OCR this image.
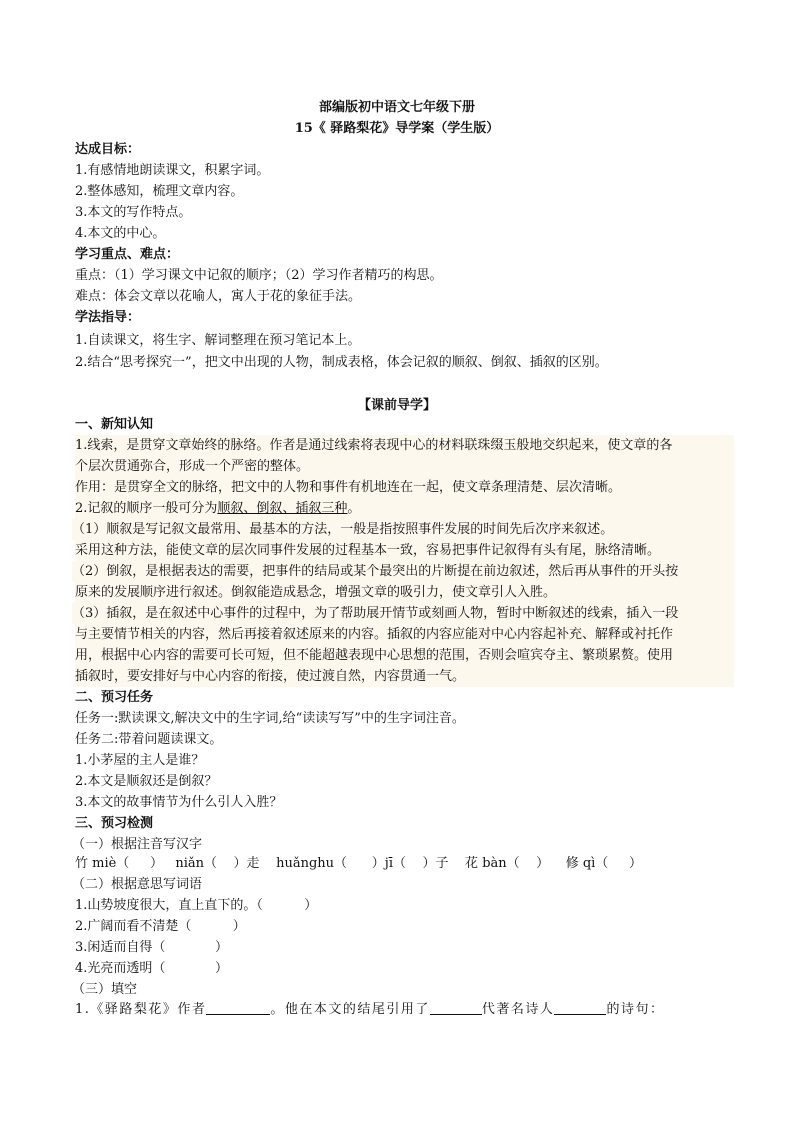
部编版初中语文七年级下册
15《 驿路梨花》导学案（学生版）
达成目标：
1.有感情地朗读课文，积累字词。
2.整体感知，梳理文章内容。
3.本文的写作特点。
4.本文的中心。
学习重点、难点：
重点：（1）学习课文中记叙的顺序；（2）学习作者精巧的构思。
难点：体会文章以花喻人，寓人于花的象征手法。
学法指导：
1.自读课文，将生字、解词整理在预习笔记本上。
2.结合“思考探究一”，把文中出现的人物，制成表格，体会记叙的顺叙、倒叙、插叙的区别。
【课前导学】
一、新知认知
1.线索，是贯穿文章始终的脉络。作者是通过线索将表现中心的材料联珠缀玉般地交织起来，使文章的各
个层次贯通弥合，形成一个严密的整体。
作用：是贯穿全文的脉络，把文中的人物和事件有机地连在一起，使文章条理清楚、层次清晰。
2.记叙的顺序一般可分为顺叙、倒叙、插叙三种。
（1）顺叙是写记叙文最常用、最基本的方法，一般是指按照事件发展的时间先后次序来叙述。
采用这种方法，能使文章的层次同事件发展的过程基本一致，容易把事件记叙得有头有尾，脉络清晰。
（2）倒叙，是根据表达的需要，把事件的结局或某个最突出的片断提在前边叙述，然后再从事件的开头按
原来的发展顺序进行叙述。倒叙能造成悬念，增强文章的吸引力，使文章引人入胜。
（3）插叙，是在叙述中心事件的过程中，为了帮助展开情节或刻画人物，暂时中断叙述的线索，插入一段
与主要情节相关的内容，然后再接着叙述原来的内容。插叙的内容应能对中心内容起补充、解释或衬托作
用，根据中心内容的需要可长可短，但不能超越表现中心思想的范围，否则会喧宾夺主、繁琐累赘。使用
插叙时，要安排好与中心内容的衔接，使过渡自然，内容贯通一气。
二、预习任务
任务一:默读课文,解决文中的生字词,给“读读写写”中的生字词注音。
任务二:带着问题读课文。
1.小茅屋的主人是谁？
2.本文是顺叙还是倒叙？
3.本文的故事情节为什么引人入胜？
三、预习检测
（一）根据注音写汉字
竹 miè（     ）   niǎn（    ）走    huǎnghu（      ）jī（    ）子    花 bàn（    ）    修 qì（     ）
（二）根据意思写词语
1.山势坡度很大，直上直下的。（          ）
2.广阔而看不清楚（          ）
3.闲适而自得（            ）
4.光亮而透明（            ）
（三）填空
1.《驿路梨花》作者	。他在本文的结尾引用了	代著名诗人	的诗句：
